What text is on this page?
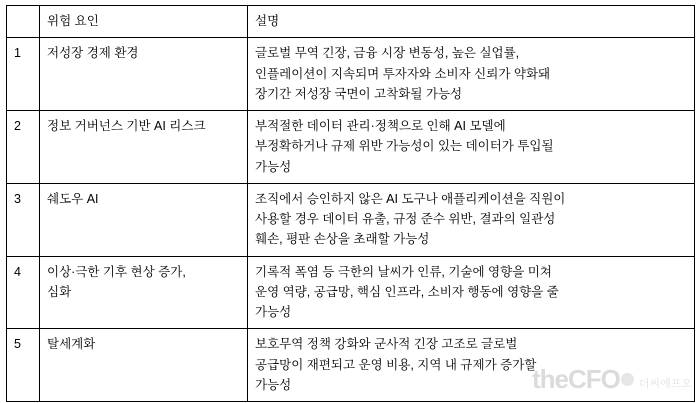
	위험 요인	설명
1	저성장 경제 환경	글로벌 무역 긴장, 금융 시장 변동성, 높은 실업률,
인플레이션이 지속되며 투자자와 소비자 신뢰가 약화돼
장기간 저성장 국면이 고착화될 가능성

2	정보 거버넌스 기반 AI 리스크	부적절한 데이터 관리·정책으로 인해 AI 모델에
부정확하거나 규제 위반 가능성이 있는 데이터가 투입될
가능성

3	쉐도우 AI	조직에서 승인하지 않은 AI 도구나 애플리케이션을 직원이
사용할 경우 데이터 유출, 규정 준수 위반, 결과의 일관성
훼손, 평판 손상을 초래할 가능성

4	이상·극한 기후 현상 증가,
심화	기록적 폭염 등 극한의 날씨가 인류, 기술에 영향을 미쳐
운영 역량, 공급망, 핵심 인프라, 소비자 행동에 영향을 줄
가능성

5	탈세계화	보호무역 정책 강화와 군사적 긴장 고조로 글로벌
공급망이 재편되고 운영 비용, 지역 내 규제가 증가할
가능성	theCFO 더씨에프오
